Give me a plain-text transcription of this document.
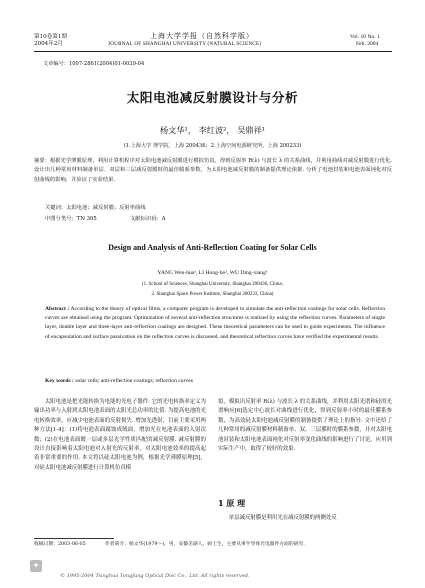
第10卷第1期
2004年2月
上海大学学报（自然科学版）
JOURNAL OF SHANGHAI UNIVERSITY (NATURAL SCIENCE)
Vol. 10 No. 1
Feb. 2004
文章编号：1007-2861(2004)01-0039-04
太阳电池减反射膜设计与分析
杨文华¹， 李红波²， 吴鼎祥¹
(1.上海大学 理学院，上海 200436；2.上海空间电源研究所，上海 200233)
摘要：根据光学薄膜原理，利用计算机程序对太阳电池减反射膜进行模拟仿真，得到反射率 R(λ) 与波长 λ 的关系曲线，并利用曲线对减反射膜进行优化. 设计出几种常用材料制备单层、双层和三层减反射膜时的最佳膜系参数，为太阳电池减反射膜的制备提供理论依据. 分析了电池封装和电池表面钝化对反射曲线的影响，并验证了实验结果.
关键词：太阳电池；减反射膜；反射率曲线
中图分类号：TN 305	文献标识码：A
Design and Analysis of Anti-Reflection Coating for Solar Cells
YANG Wen-hua¹, LI Hong-bo², WU Ding-xiang¹
(1. School of Sciences, Shanghai University, Shanghai 200436, China;
2. Shanghai Space Power Institute, Shanghai 200233, China)
Abstract : According to the theory of optical films, a computer program is developed to simulate the anti-reflection coatings for solar cells. Reflection curves are obtained using the program. Optimization of several anti-reflection structures is realized by using the reflection curves. Parameters of single layer, double layer and three-layer anti-reflection coatings are designed. These theoretical parameters can be used to guide experiments. The influence of encapsulation and surface passivation on the reflection curves is discussed, and theoretical reflection curves have verified the experimental results.
Key words : solar cells; anti-reflection coatings; reflection curves
太阳电池是把光能转换为电能的光电子器件. 它的光电转换率定义为输出功率与入射到太阳电池表面的太阳光总功率的比值. 为提高电池的光电转换效率，应减少电池表面的反射损失. 增加光透射，目前主要采用两种方法[1-4]：(1)将电池表面腐蚀成绒面，增加光在电池表面的入射次数；(2)在电池表面镀一层或多层光学性质匹配的减反射膜. 减反射膜的设计直接影响着太阳电池对入射光的反射率，对太阳电池效率的提高起着非常重要的作用. 本文将以硅太阳电池为例，根据光学薄膜原理[5]，对硅太阳电池减反射膜进行计算机仿真模
拟，模拟出反射率 R(λ) 与波长 λ 的关系曲线，并利用太阳光谱和硅的光谱响应[6]选定中心波长对曲线进行优化，得到反射率小时的最佳膜系参数，为高效硅太阳电池减反射膜的制备提供了理论上的指导. 文中还给了几种常用的减反射膜材料制备单、双、三层膜时的膜系参数，并对太阳电池封装和太阳电池表面钝化对反射率变化曲线的影响进行了讨论，应用到实际生产中，取得了较好的效果.
1 原 理
单层减反射膜是利用光在减反射膜的两侧处反
收稿日期：2003-06-05	作者简介：杨文华(1979～)，男，安徽芜湖人，硕士生，主要从事半导体光电器件方面的研究.
✦
© 1995-2004 Tsinghua Tongfang Optical Disc Co., Ltd. All rights reserved.
